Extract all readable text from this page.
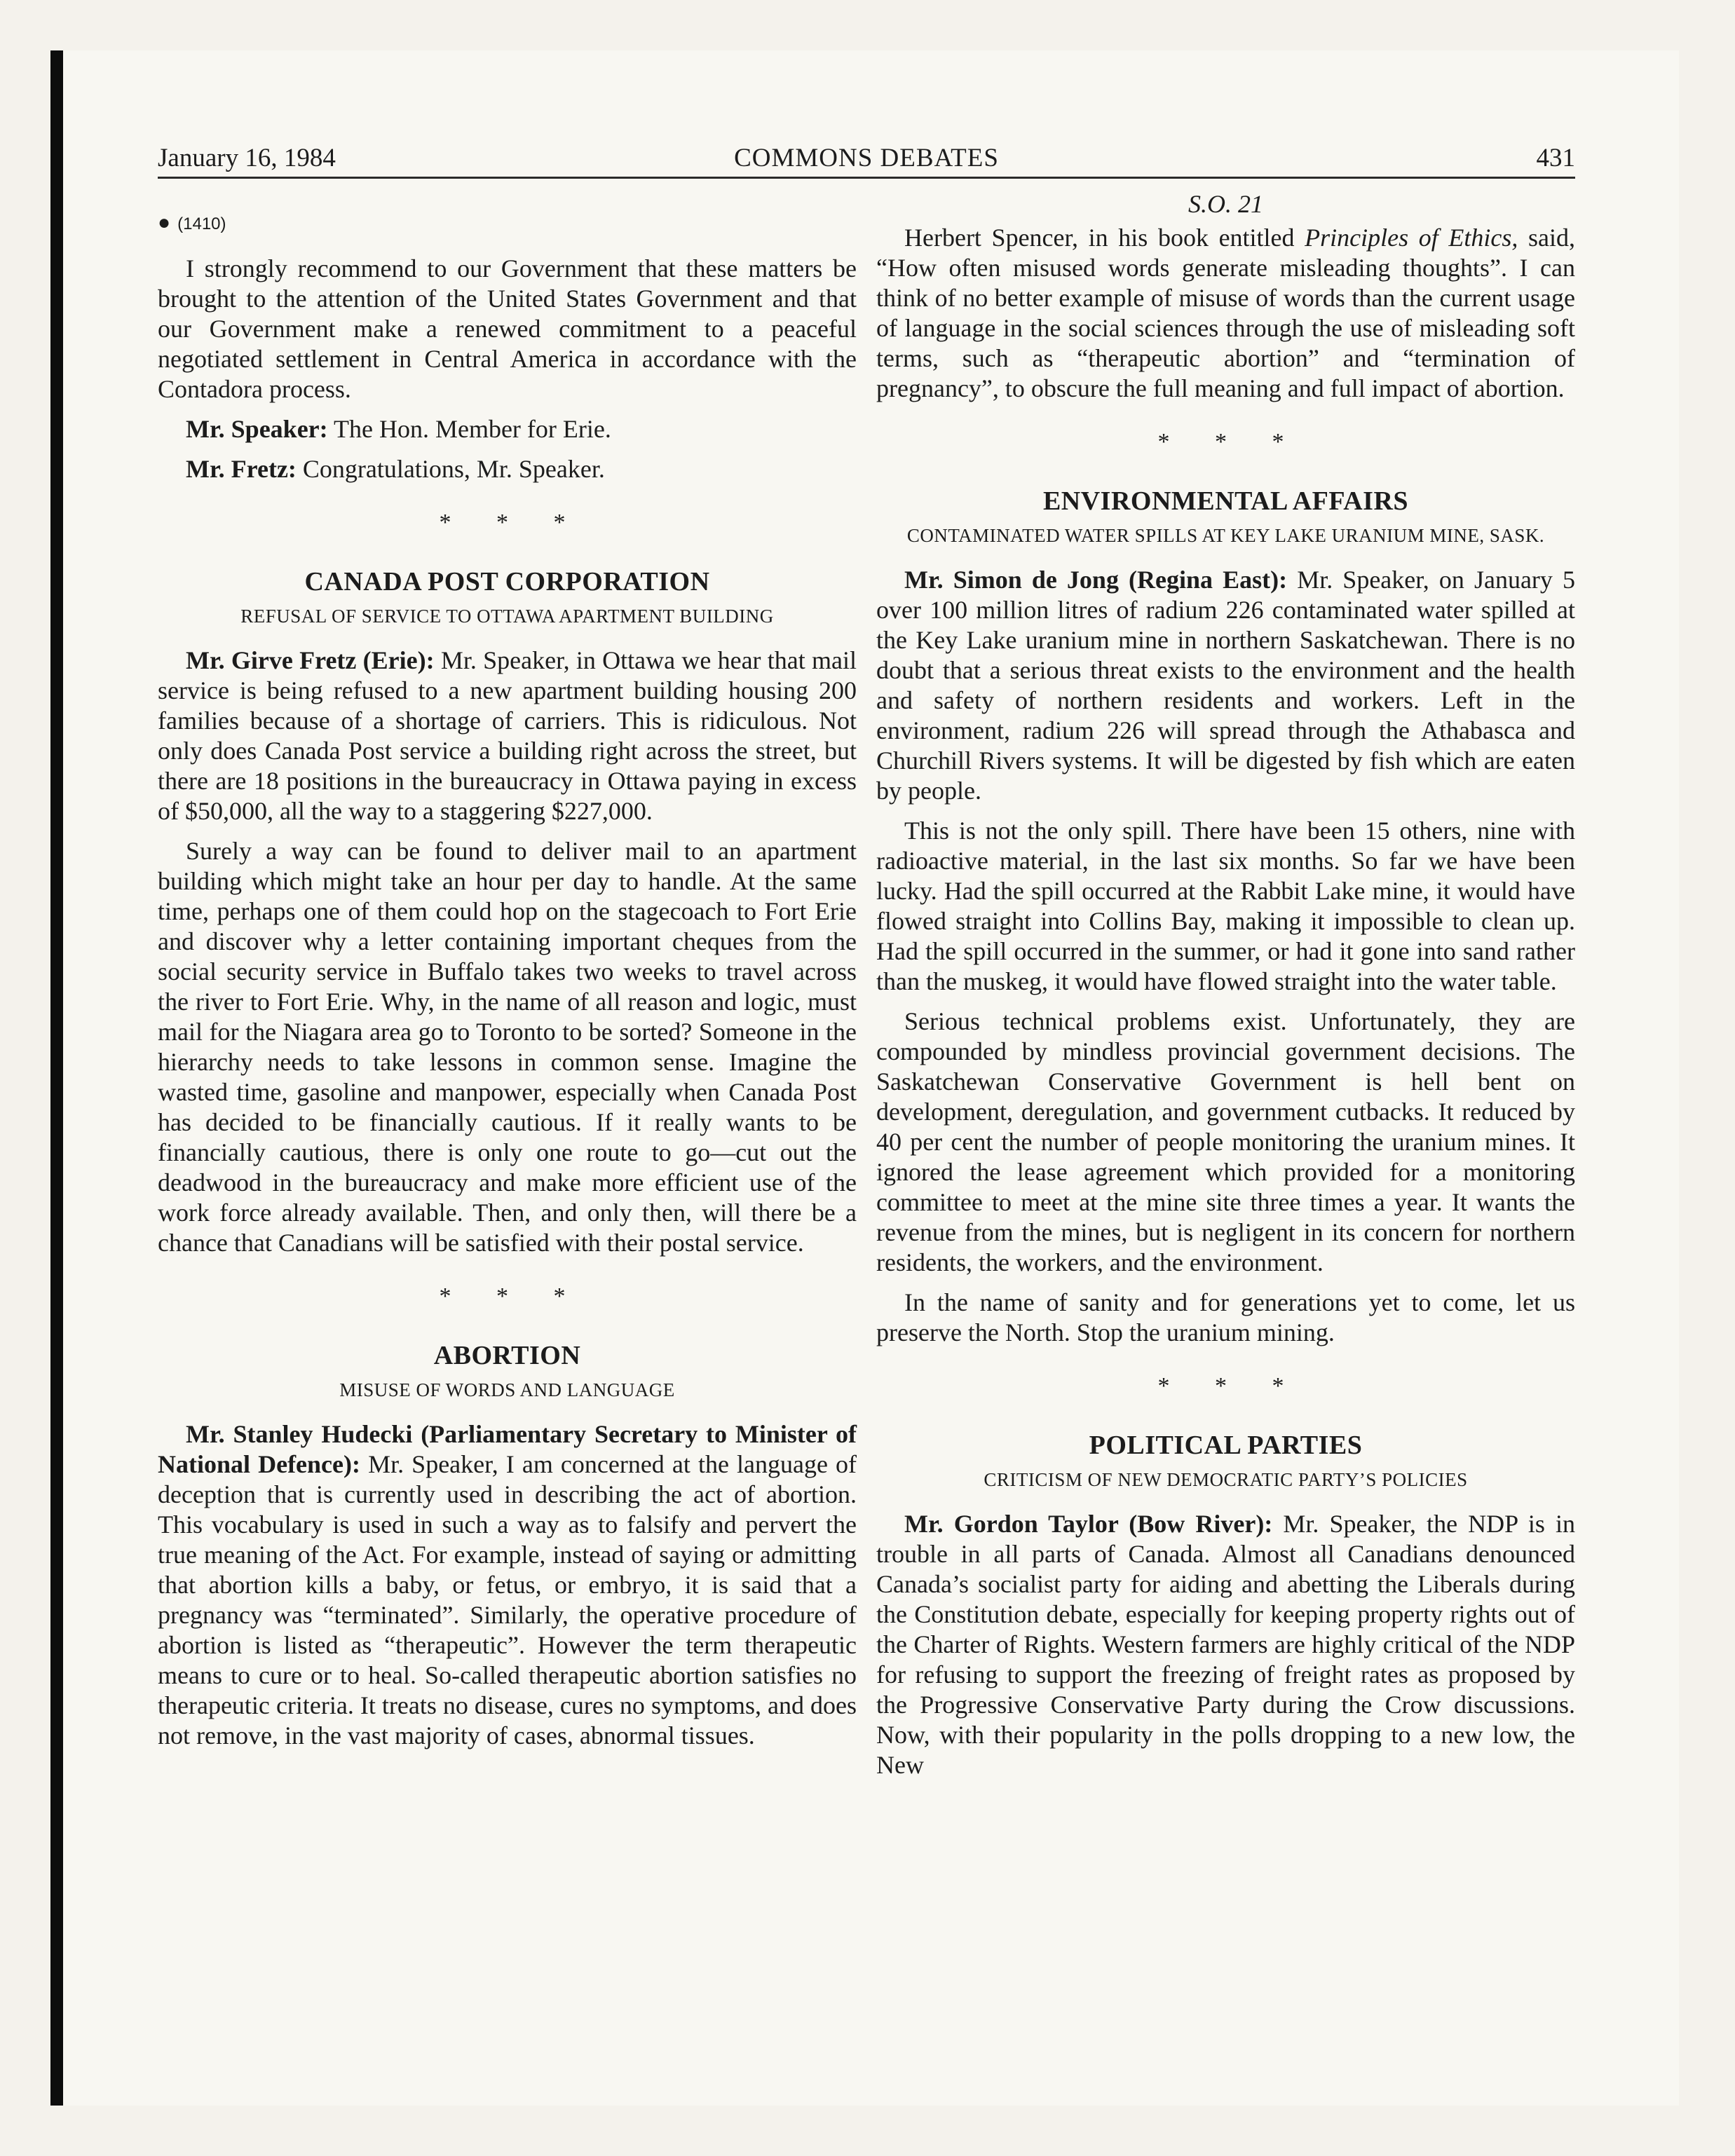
January 16, 1984	COMMONS DEBATES	431
● (1410)

I strongly recommend to our Government that these matters be brought to the attention of the United States Government and that our Government make a renewed commitment to a peaceful negotiated settlement in Central America in accordance with the Contadora process.

Mr. Speaker: The Hon. Member for Erie.

Mr. Fretz: Congratulations, Mr. Speaker.

* * *
CANADA POST CORPORATION
REFUSAL OF SERVICE TO OTTAWA APARTMENT BUILDING

Mr. Girve Fretz (Erie): Mr. Speaker, in Ottawa we hear that mail service is being refused to a new apartment building housing 200 families because of a shortage of carriers. This is ridiculous. Not only does Canada Post service a building right across the street, but there are 18 positions in the bureaucracy in Ottawa paying in excess of $50,000, all the way to a staggering $227,000.

Surely a way can be found to deliver mail to an apartment building which might take an hour per day to handle. At the same time, perhaps one of them could hop on the stagecoach to Fort Erie and discover why a letter containing important cheques from the social security service in Buffalo takes two weeks to travel across the river to Fort Erie. Why, in the name of all reason and logic, must mail for the Niagara area go to Toronto to be sorted? Someone in the hierarchy needs to take lessons in common sense. Imagine the wasted time, gasoline and manpower, especially when Canada Post has decided to be financially cautious. If it really wants to be financially cautious, there is only one route to go—cut out the deadwood in the bureaucracy and make more efficient use of the work force already available. Then, and only then, will there be a chance that Canadians will be satisfied with their postal service.

* * *
ABORTION
MISUSE OF WORDS AND LANGUAGE

Mr. Stanley Hudecki (Parliamentary Secretary to Minister of National Defence): Mr. Speaker, I am concerned at the language of deception that is currently used in describing the act of abortion. This vocabulary is used in such a way as to falsify and pervert the true meaning of the Act. For example, instead of saying or admitting that abortion kills a baby, or fetus, or embryo, it is said that a pregnancy was “terminated”. Similarly, the operative procedure of abortion is listed as “therapeutic”. However the term therapeutic means to cure or to heal. So-called therapeutic abortion satisfies no therapeutic criteria. It treats no disease, cures no symptoms, and does not remove, in the vast majority of cases, abnormal tissues.

S.O. 21

Herbert Spencer, in his book entitled Principles of Ethics, said, “How often misused words generate misleading thoughts”. I can think of no better example of misuse of words than the current usage of language in the social sciences through the use of misleading soft terms, such as “therapeutic abortion” and “termination of pregnancy”, to obscure the full meaning and full impact of abortion.

* * *
ENVIRONMENTAL AFFAIRS
CONTAMINATED WATER SPILLS AT KEY LAKE URANIUM MINE, SASK.

Mr. Simon de Jong (Regina East): Mr. Speaker, on January 5 over 100 million litres of radium 226 contaminated water spilled at the Key Lake uranium mine in northern Saskatchewan. There is no doubt that a serious threat exists to the environment and the health and safety of northern residents and workers. Left in the environment, radium 226 will spread through the Athabasca and Churchill Rivers systems. It will be digested by fish which are eaten by people.

This is not the only spill. There have been 15 others, nine with radioactive material, in the last six months. So far we have been lucky. Had the spill occurred at the Rabbit Lake mine, it would have flowed straight into Collins Bay, making it impossible to clean up. Had the spill occurred in the summer, or had it gone into sand rather than the muskeg, it would have flowed straight into the water table.

Serious technical problems exist. Unfortunately, they are compounded by mindless provincial government decisions. The Saskatchewan Conservative Government is hell bent on development, deregulation, and government cutbacks. It reduced by 40 per cent the number of people monitoring the uranium mines. It ignored the lease agreement which provided for a monitoring committee to meet at the mine site three times a year. It wants the revenue from the mines, but is negligent in its concern for northern residents, the workers, and the environment.

In the name of sanity and for generations yet to come, let us preserve the North. Stop the uranium mining.

* * *
POLITICAL PARTIES
CRITICISM OF NEW DEMOCRATIC PARTY’S POLICIES

Mr. Gordon Taylor (Bow River): Mr. Speaker, the NDP is in trouble in all parts of Canada. Almost all Canadians denounced Canada’s socialist party for aiding and abetting the Liberals during the Constitution debate, especially for keeping property rights out of the Charter of Rights. Western farmers are highly critical of the NDP for refusing to support the freezing of freight rates as proposed by the Progressive Conservative Party during the Crow discussions. Now, with their popularity in the polls dropping to a new low, the New
